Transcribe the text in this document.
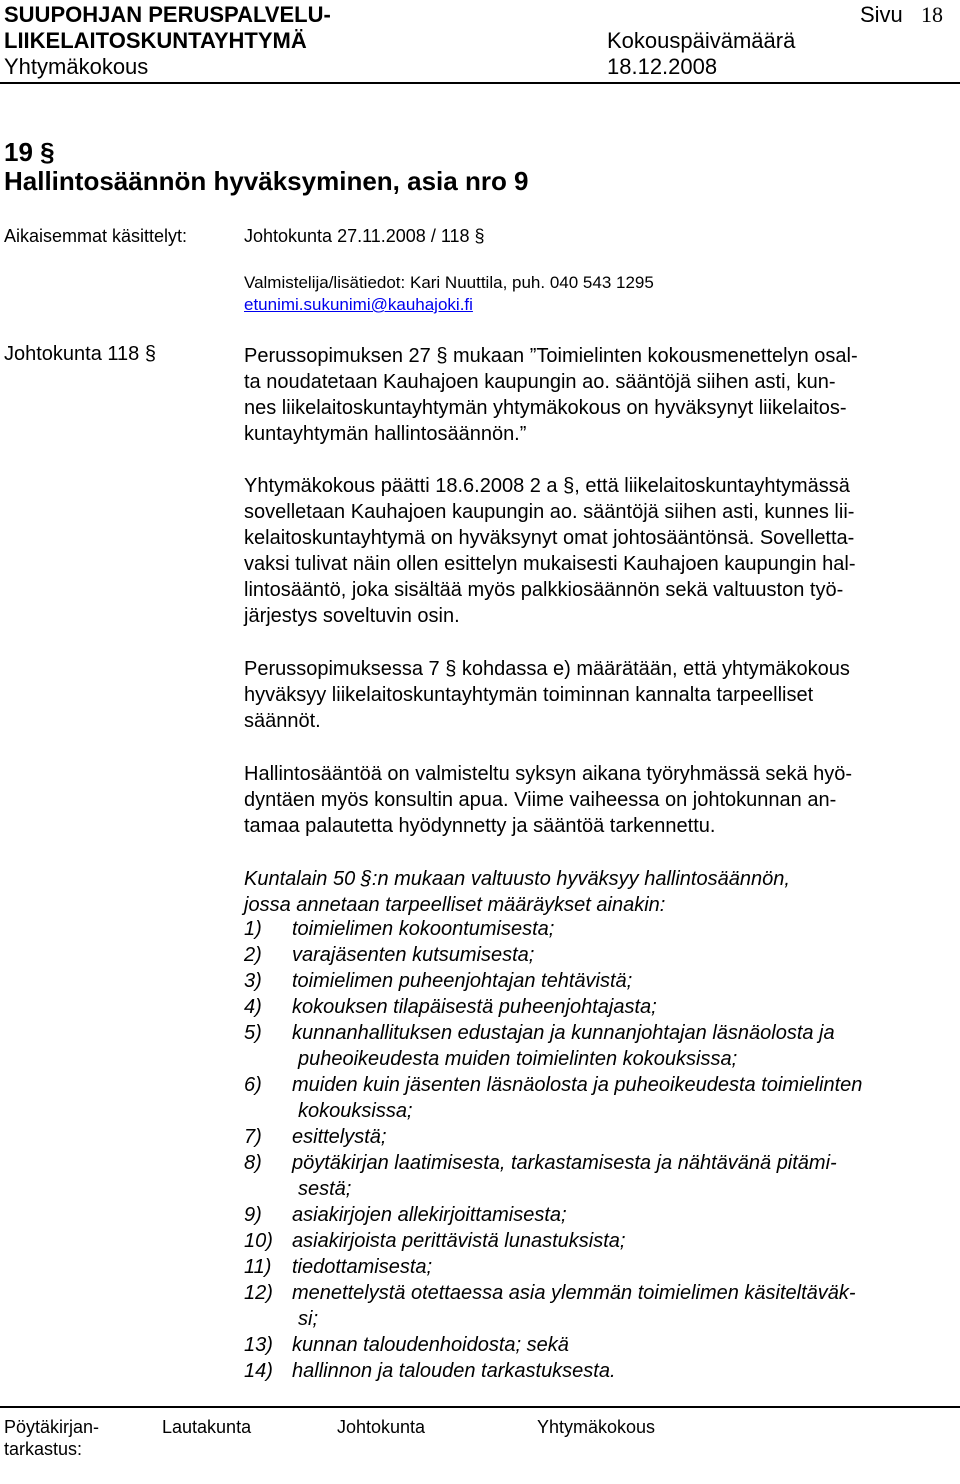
SUUPOHJAN PERUSPALVELU-
LIIKELAITOSKUNTAYHTYMÄ
Yhtymäkokous
Sivu 18
Kokouspäivämäärä
18.12.2008
19 §
Hallintosäännön hyväksyminen, asia nro 9
Aikaisemmat käsittelyt:	Johtokunta 27.11.2008 / 118 §
Valmistelija/lisätiedot: Kari Nuuttila, puh. 040 543 1295
etunimi.sukunimi@kauhajoki.fi
Johtokunta 118 §	Perussopimuksen 27 § mukaan ”Toimielinten kokousmenettelyn osal-
ta noudatetaan Kauhajoen kaupungin ao. sääntöjä siihen asti, kun-
nes liikelaitoskuntayhtymän yhtymäkokous on hyväksynyt liikelaitos-
kuntayhtymän hallintosäännön.”
Yhtymäkokous päätti 18.6.2008 2 a §, että liikelaitoskuntayhtymässä
sovelletaan Kauhajoen kaupungin ao. sääntöjä siihen asti, kunnes lii-
kelaitoskuntayhtymä on hyväksynyt omat johtosääntönsä. Sovelletta-
vaksi tulivat näin ollen esittelyn mukaisesti Kauhajoen kaupungin hal-
lintosääntö, joka sisältää myös palkkiosäännön sekä valtuuston työ-
järjestys soveltuvin osin.
Perussopimuksessa 7 § kohdassa e) määrätään, että yhtymäkokous
hyväksyy liikelaitoskuntayhtymän toiminnan kannalta tarpeelliset
säännöt.
Hallintosääntöä on valmisteltu syksyn aikana työryhmässä sekä hyö-
dyntäen myös konsultin apua. Viime vaiheessa on johtokunnan an-
tamaa palautetta hyödynnetty ja sääntöä tarkennettu.
Kuntalain 50 §:n mukaan valtuusto hyväksyy hallintosäännön,
jossa annetaan tarpeelliset määräykset ainakin:
1) toimielimen kokoontumisesta;
2) varajäsenten kutsumisesta;
3) toimielimen puheenjohtajan tehtävistä;
4) kokouksen tilapäisestä puheenjohtajasta;
5) kunnanhallituksen edustajan ja kunnanjohtajan läsnäolosta ja
puheoikeudesta muiden toimielinten kokouksissa;
6) muiden kuin jäsenten läsnäolosta ja puheoikeudesta toimielinten
kokouksissa;
7) esittelystä;
8) pöytäkirjan laatimisesta, tarkastamisesta ja nähtävänä pitämi-
sestä;
9) asiakirjojen allekirjoittamisesta;
10) asiakirjoista perittävistä lunastuksista;
11) tiedottamisesta;
12) menettelystä otettaessa asia ylemmän toimielimen käsiteltäväk-
si;
13) kunnan taloudenhoidosta; sekä
14) hallinnon ja talouden tarkastuksesta.
Pöytäkirjan-
tarkastus:
Lautakunta	Johtokunta	Yhtymäkokous
